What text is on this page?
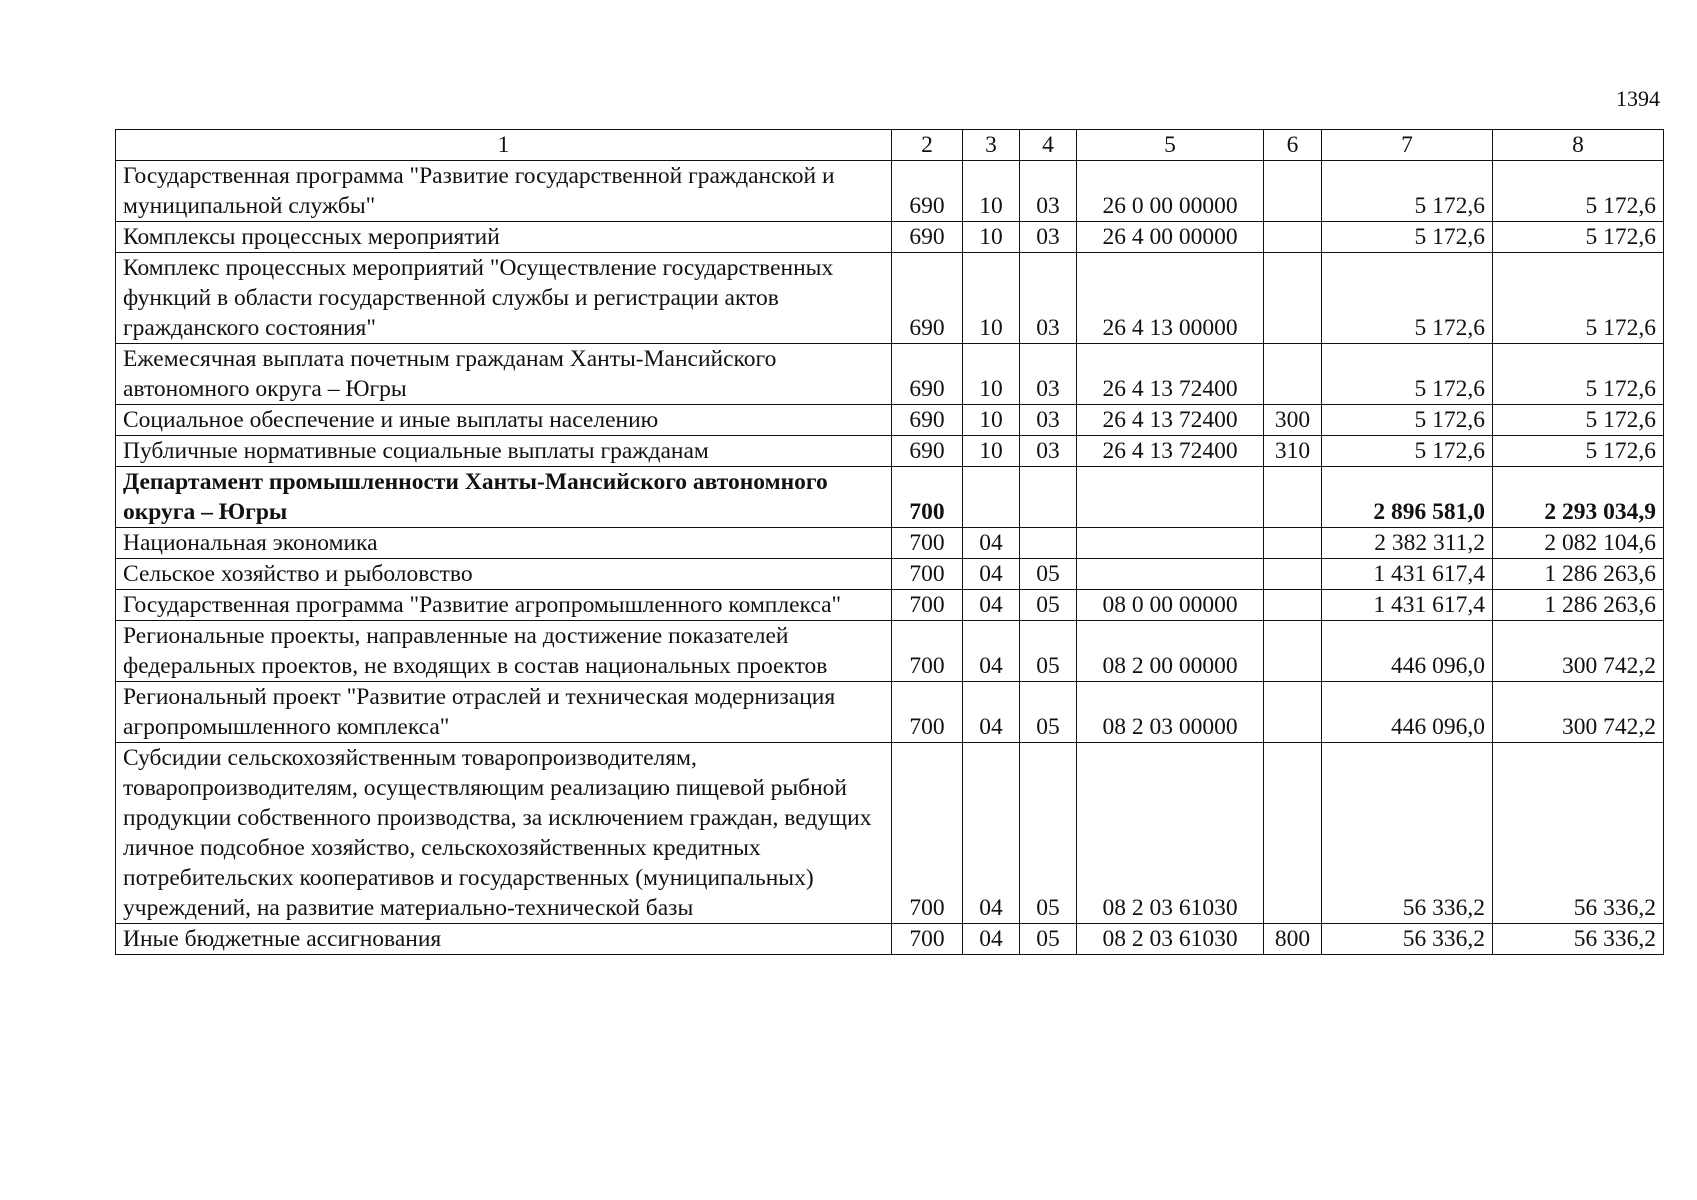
1394
1	2	3	4	5	6	7	8
Государственная программа "Развитие государственной гражданской и муниципальной службы"	690	10	03	26 0 00 00000		5 172,6	5 172,6
Комплексы процессных мероприятий	690	10	03	26 4 00 00000		5 172,6	5 172,6
Комплекс процессных мероприятий "Осуществление государственных функций в области государственной службы и регистрации актов гражданского состояния"	690	10	03	26 4 13 00000		5 172,6	5 172,6
Ежемесячная выплата почетным гражданам Ханты-Мансийского автономного округа – Югры	690	10	03	26 4 13 72400		5 172,6	5 172,6
Социальное обеспечение и иные выплаты населению	690	10	03	26 4 13 72400	300	5 172,6	5 172,6
Публичные нормативные социальные выплаты гражданам	690	10	03	26 4 13 72400	310	5 172,6	5 172,6
Департамент промышленности Ханты-Мансийского автономного округа – Югры	700					2 896 581,0	2 293 034,9
Национальная экономика	700	04				2 382 311,2	2 082 104,6
Сельское хозяйство и рыболовство	700	04	05			1 431 617,4	1 286 263,6
Государственная программа "Развитие агропромышленного комплекса"	700	04	05	08 0 00 00000		1 431 617,4	1 286 263,6
Региональные проекты, направленные на достижение показателей федеральных проектов, не входящих в состав национальных проектов	700	04	05	08 2 00 00000		446 096,0	300 742,2
Региональный проект "Развитие отраслей и техническая модернизация агропромышленного комплекса"	700	04	05	08 2 03 00000		446 096,0	300 742,2
Субсидии сельскохозяйственным товаропроизводителям, товаропроизводителям, осуществляющим реализацию пищевой рыбной продукции собственного производства, за исключением граждан, ведущих личное подсобное хозяйство, сельскохозяйственных кредитных потребительских кооперативов и государственных (муниципальных) учреждений, на развитие материально-технической базы	700	04	05	08 2 03 61030		56 336,2	56 336,2
Иные бюджетные ассигнования	700	04	05	08 2 03 61030	800	56 336,2	56 336,2
